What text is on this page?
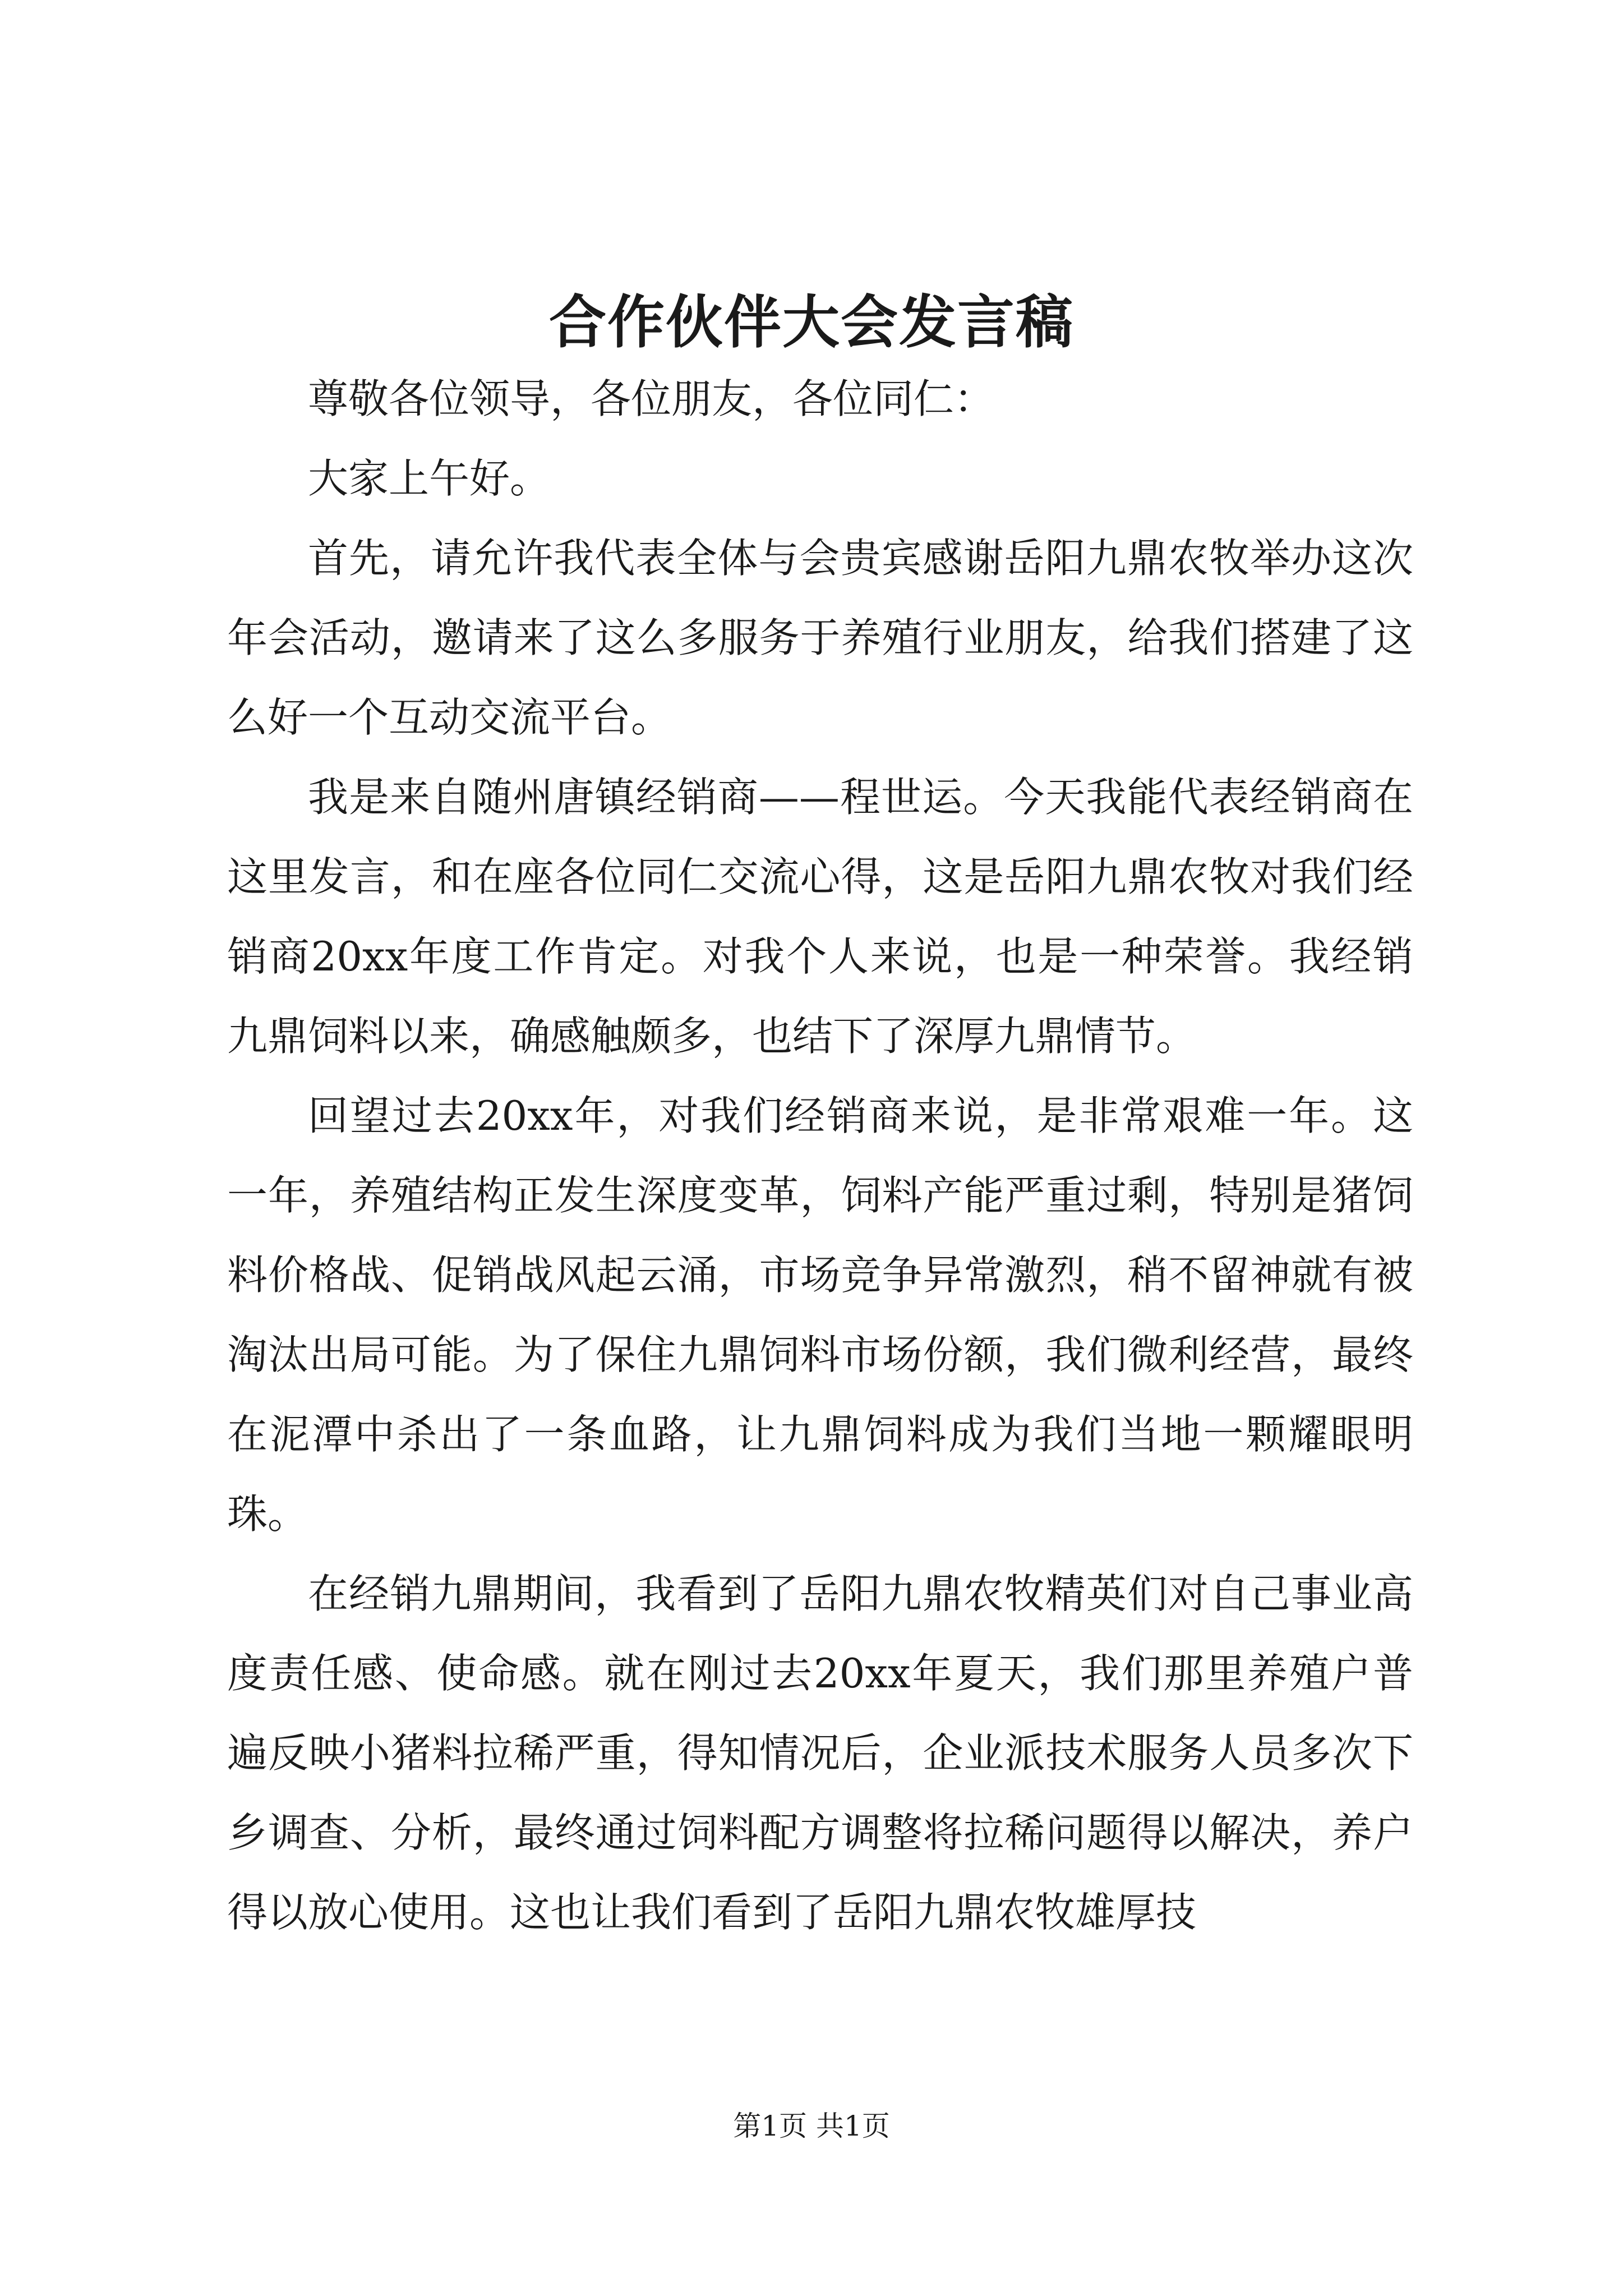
合作伙伴大会发言稿

尊敬各位领导，各位朋友，各位同仁：

大家上午好。

首先，请允许我代表全体与会贵宾感谢岳阳九鼎农牧举办这次年会活动，邀请来了这么多服务于养殖行业朋友，给我们搭建了这么好一个互动交流平台。

我是来自随州唐镇经销商——程世运。今天我能代表经销商在这里发言，和在座各位同仁交流心得，这是岳阳九鼎农牧对我们经销商20xx年度工作肯定。对我个人来说，也是一种荣誉。我经销九鼎饲料以来，确感触颇多，也结下了深厚九鼎情节。

回望过去20xx年，对我们经销商来说，是非常艰难一年。这一年，养殖结构正发生深度变革，饲料产能严重过剩，特别是猪饲料价格战、促销战风起云涌，市场竞争异常激烈，稍不留神就有被淘汰出局可能。为了保住九鼎饲料市场份额，我们微利经营，最终在泥潭中杀出了一条血路，让九鼎饲料成为我们当地一颗耀眼明珠。

在经销九鼎期间，我看到了岳阳九鼎农牧精英们对自己事业高度责任感、使命感。就在刚过去20xx年夏天，我们那里养殖户普遍反映小猪料拉稀严重，得知情况后，企业派技术服务人员多次下乡调查、分析，最终通过饲料配方调整将拉稀问题得以解决，养户得以放心使用。这也让我们看到了岳阳九鼎农牧雄厚技

第1页 共1页
